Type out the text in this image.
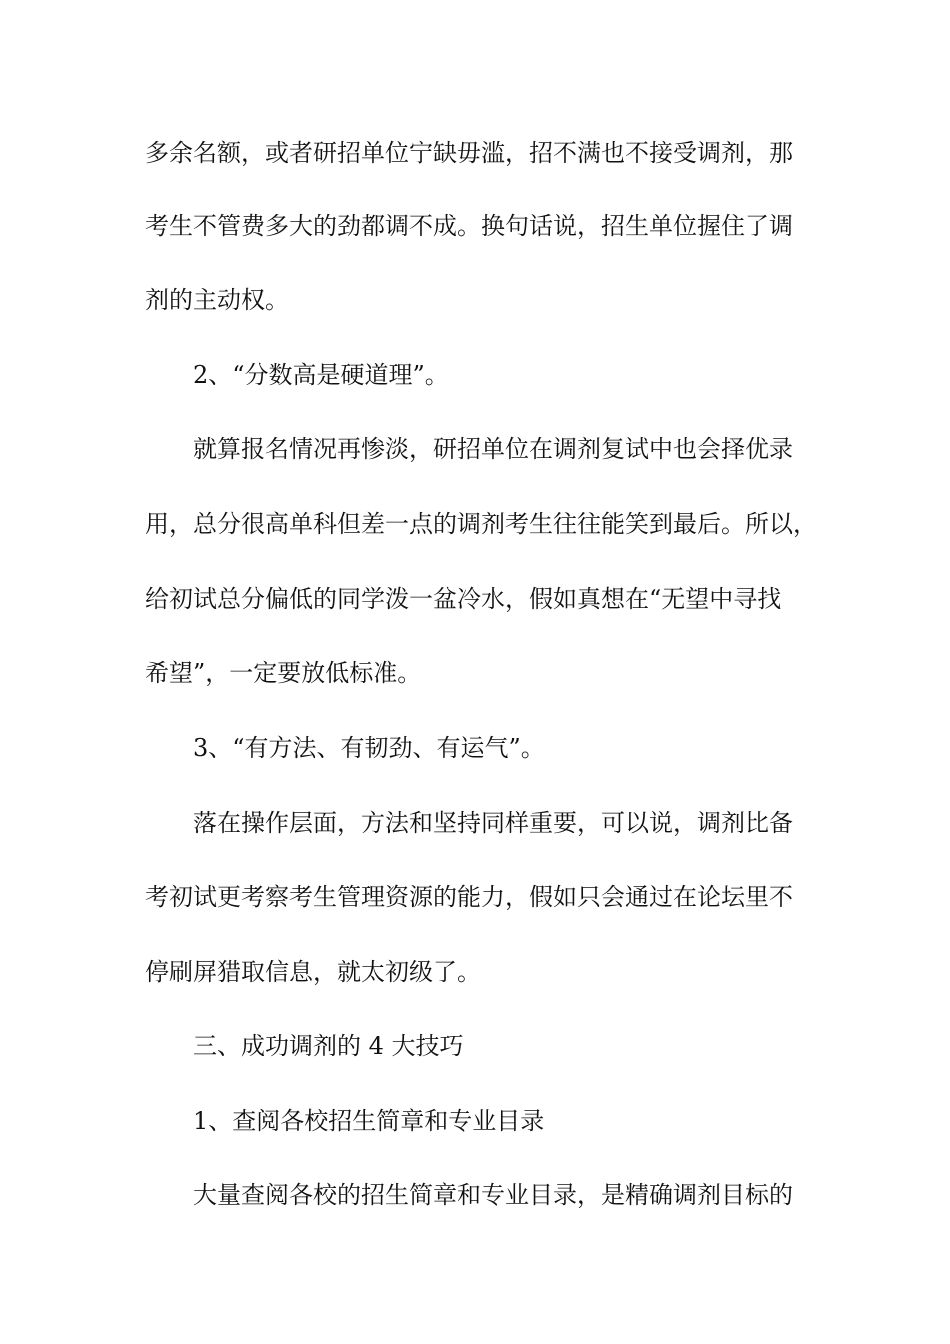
多余名额，或者研招单位宁缺毋滥，招不满也不接受调剂，那
考生不管费多大的劲都调不成。换句话说，招生单位握住了调
剂的主动权。
2、“分数高是硬道理”。
就算报名情况再惨淡，研招单位在调剂复试中也会择优录
用，总分很高单科但差一点的调剂考生往往能笑到最后。所以，
给初试总分偏低的同学泼一盆冷水，假如真想在“无望中寻找
希望”，一定要放低标准。
3、“有方法、有韧劲、有运气”。
落在操作层面，方法和坚持同样重要，可以说，调剂比备
考初试更考察考生管理资源的能力，假如只会通过在论坛里不
停刷屏猎取信息，就太初级了。
三、成功调剂的 4 大技巧
1、查阅各校招生简章和专业目录
大量查阅各校的招生简章和专业目录，是精确调剂目标的
